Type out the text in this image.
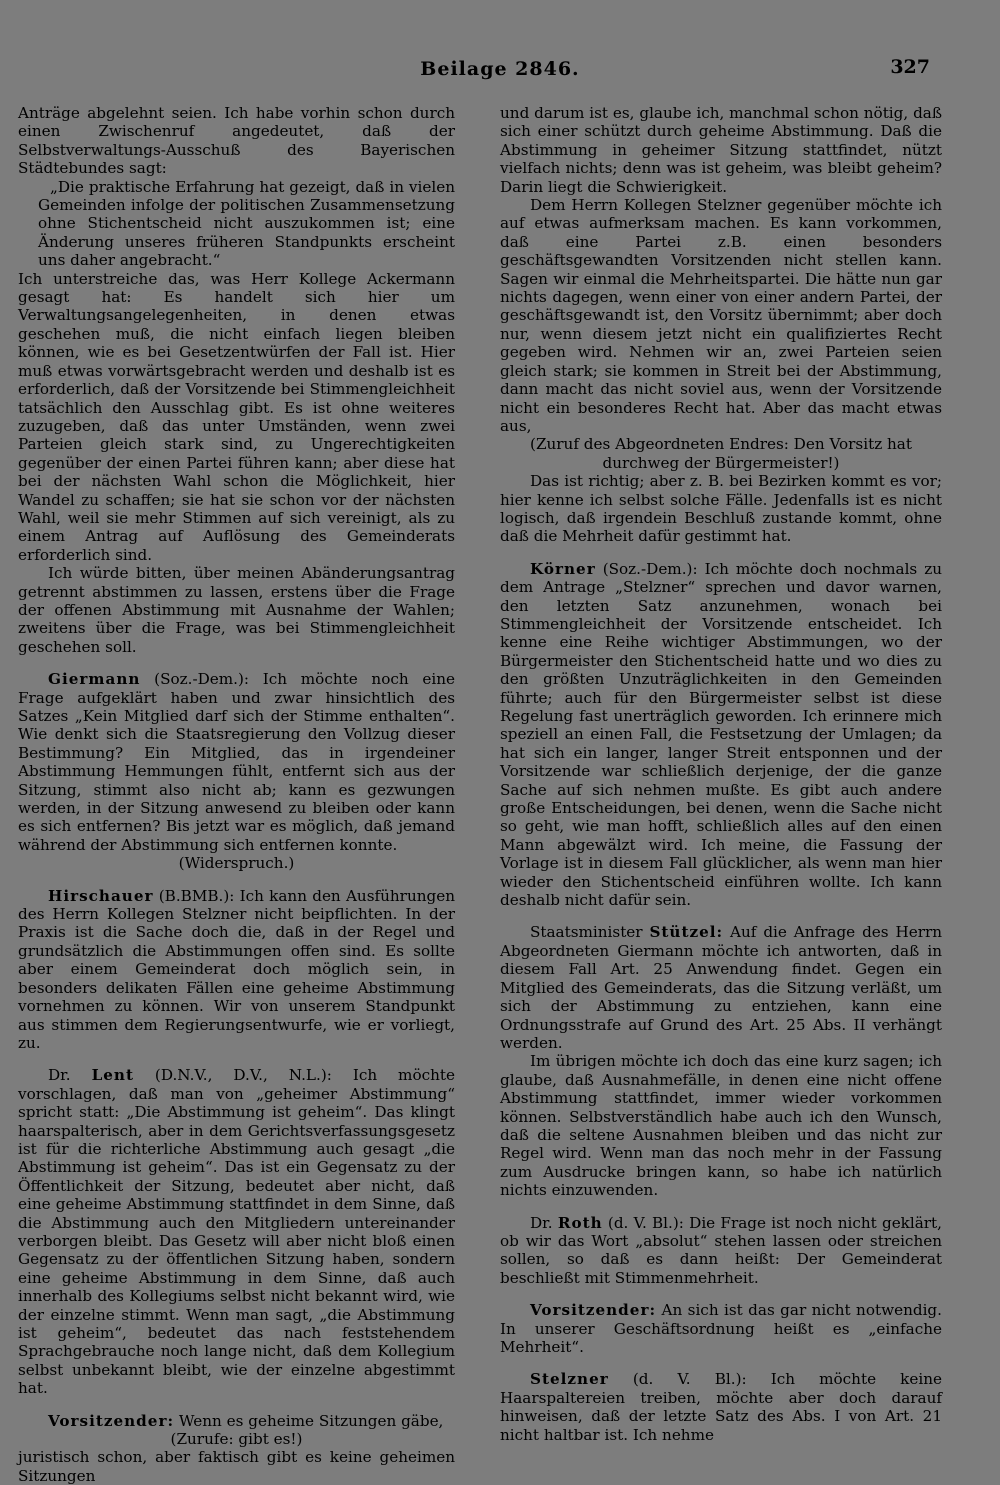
Beilage 2846.	327

Anträge abgelehnt seien. Ich habe vorhin schon durch einen Zwischenruf angedeutet, daß der Selbstverwaltungs-Ausschuß des Bayerischen Städtebundes sagt:

„Die praktische Erfahrung hat gezeigt, daß in vielen Gemeinden infolge der politischen Zusammensetzung ohne Stichentscheid nicht auszukommen ist; eine Änderung unseres früheren Standpunkts erscheint uns daher angebracht.“

Ich unterstreiche das, was Herr Kollege Ackermann gesagt hat: Es handelt sich hier um Verwaltungsangelegenheiten, in denen etwas geschehen muß, die nicht einfach liegen bleiben können, wie es bei Gesetzentwürfen der Fall ist. Hier muß etwas vorwärtsgebracht werden und deshalb ist es erforderlich, daß der Vorsitzende bei Stimmengleichheit tatsächlich den Ausschlag gibt. Es ist ohne weiteres zuzugeben, daß das unter Umständen, wenn zwei Parteien gleich stark sind, zu Ungerechtigkeiten gegenüber der einen Partei führen kann; aber diese hat bei der nächsten Wahl schon die Möglichkeit, hier Wandel zu schaffen; sie hat sie schon vor der nächsten Wahl, weil sie mehr Stimmen auf sich vereinigt, als zu einem Antrag auf Auflösung des Gemeinderats erforderlich sind.

Ich würde bitten, über meinen Abänderungsantrag getrennt abstimmen zu lassen, erstens über die Frage der offenen Abstimmung mit Ausnahme der Wahlen; zweitens über die Frage, was bei Stimmengleichheit geschehen soll.

Giermann (Soz.-Dem.): Ich möchte noch eine Frage aufgeklärt haben und zwar hinsichtlich des Satzes „Kein Mitglied darf sich der Stimme enthalten“. Wie denkt sich die Staatsregierung den Vollzug dieser Bestimmung? Ein Mitglied, das in irgendeiner Abstimmung Hemmungen fühlt, entfernt sich aus der Sitzung, stimmt also nicht ab; kann es gezwungen werden, in der Sitzung anwesend zu bleiben oder kann es sich entfernen? Bis jetzt war es möglich, daß jemand während der Abstimmung sich entfernen konnte.

(Widerspruch.)

Hirschauer (B.BMB.): Ich kann den Ausführungen des Herrn Kollegen Stelzner nicht beipflichten. In der Praxis ist die Sache doch die, daß in der Regel und grundsätzlich die Abstimmungen offen sind. Es sollte aber einem Gemeinderat doch möglich sein, in besonders delikaten Fällen eine geheime Abstimmung vornehmen zu können. Wir von unserem Standpunkt aus stimmen dem Regierungsentwurfe, wie er vorliegt, zu.

Dr. Lent (D.N.V., D.V., N.L.): Ich möchte vorschlagen, daß man von „geheimer Abstimmung“ spricht statt: „Die Abstimmung ist geheim“. Das klingt haarspalterisch, aber in dem Gerichtsverfassungsgesetz ist für die richterliche Abstimmung auch gesagt „die Abstimmung ist geheim“. Das ist ein Gegensatz zu der Öffentlichkeit der Sitzung, bedeutet aber nicht, daß eine geheime Abstimmung stattfindet in dem Sinne, daß die Abstimmung auch den Mitgliedern untereinander verborgen bleibt. Das Gesetz will aber nicht bloß einen Gegensatz zu der öffentlichen Sitzung haben, sondern eine geheime Abstimmung in dem Sinne, daß auch innerhalb des Kollegiums selbst nicht bekannt wird, wie der einzelne stimmt. Wenn man sagt, „die Abstimmung ist geheim“, bedeutet das nach feststehendem Sprachgebrauche noch lange nicht, daß dem Kollegium selbst unbekannt bleibt, wie der einzelne abgestimmt hat.

Vorsitzender: Wenn es geheime Sitzungen gäbe,

(Zurufe: gibt es!)

juristisch schon, aber faktisch gibt es keine geheimen Sitzungen

und darum ist es, glaube ich, manchmal schon nötig, daß sich einer schützt durch geheime Abstimmung. Daß die Abstimmung in geheimer Sitzung stattfindet, nützt vielfach nichts; denn was ist geheim, was bleibt geheim? Darin liegt die Schwierigkeit.

Dem Herrn Kollegen Stelzner gegenüber möchte ich auf etwas aufmerksam machen. Es kann vorkommen, daß eine Partei z.B. einen besonders geschäftsgewandten Vorsitzenden nicht stellen kann. Sagen wir einmal die Mehrheitspartei. Die hätte nun gar nichts dagegen, wenn einer von einer andern Partei, der geschäftsgewandt ist, den Vorsitz übernimmt; aber doch nur, wenn diesem jetzt nicht ein qualifiziertes Recht gegeben wird. Nehmen wir an, zwei Parteien seien gleich stark; sie kommen in Streit bei der Abstimmung, dann macht das nicht soviel aus, wenn der Vorsitzende nicht ein besonderes Recht hat. Aber das macht etwas aus,

(Zuruf des Abgeordneten Endres: Den Vorsitz hat durchweg der Bürgermeister!)

Das ist richtig; aber z. B. bei Bezirken kommt es vor; hier kenne ich selbst solche Fälle. Jedenfalls ist es nicht logisch, daß irgendein Beschluß zustande kommt, ohne daß die Mehrheit dafür gestimmt hat.

Körner (Soz.-Dem.): Ich möchte doch nochmals zu dem Antrage „Stelzner“ sprechen und davor warnen, den letzten Satz anzunehmen, wonach bei Stimmengleichheit der Vorsitzende entscheidet. Ich kenne eine Reihe wichtiger Abstimmungen, wo der Bürgermeister den Stichentscheid hatte und wo dies zu den größten Unzuträglichkeiten in den Gemeinden führte; auch für den Bürgermeister selbst ist diese Regelung fast unerträglich geworden. Ich erinnere mich speziell an einen Fall, die Festsetzung der Umlagen; da hat sich ein langer, langer Streit entsponnen und der Vorsitzende war schließlich derjenige, der die ganze Sache auf sich nehmen mußte. Es gibt auch andere große Entscheidungen, bei denen, wenn die Sache nicht so geht, wie man hofft, schließlich alles auf den einen Mann abgewälzt wird. Ich meine, die Fassung der Vorlage ist in diesem Fall glücklicher, als wenn man hier wieder den Stichentscheid einführen wollte. Ich kann deshalb nicht dafür sein.

Staatsminister Stützel: Auf die Anfrage des Herrn Abgeordneten Giermann möchte ich antworten, daß in diesem Fall Art. 25 Anwendung findet. Gegen ein Mitglied des Gemeinderats, das die Sitzung verläßt, um sich der Abstimmung zu entziehen, kann eine Ordnungsstrafe auf Grund des Art. 25 Abs. II verhängt werden.

Im übrigen möchte ich doch das eine kurz sagen; ich glaube, daß Ausnahmefälle, in denen eine nicht offene Abstimmung stattfindet, immer wieder vorkommen können. Selbstverständlich habe auch ich den Wunsch, daß die seltene Ausnahmen bleiben und das nicht zur Regel wird. Wenn man das noch mehr in der Fassung zum Ausdrucke bringen kann, so habe ich natürlich nichts einzuwenden.

Dr. Roth (d. V. Bl.): Die Frage ist noch nicht geklärt, ob wir das Wort „absolut“ stehen lassen oder streichen sollen, so daß es dann heißt: Der Gemeinderat beschließt mit Stimmenmehrheit.

Vorsitzender: An sich ist das gar nicht notwendig. In unserer Geschäftsordnung heißt es „einfache Mehrheit“.

Stelzner (d. V. Bl.): Ich möchte keine Haarspaltereien treiben, möchte aber doch darauf hinweisen, daß der letzte Satz des Abs. I von Art. 21 nicht haltbar ist. Ich nehme
